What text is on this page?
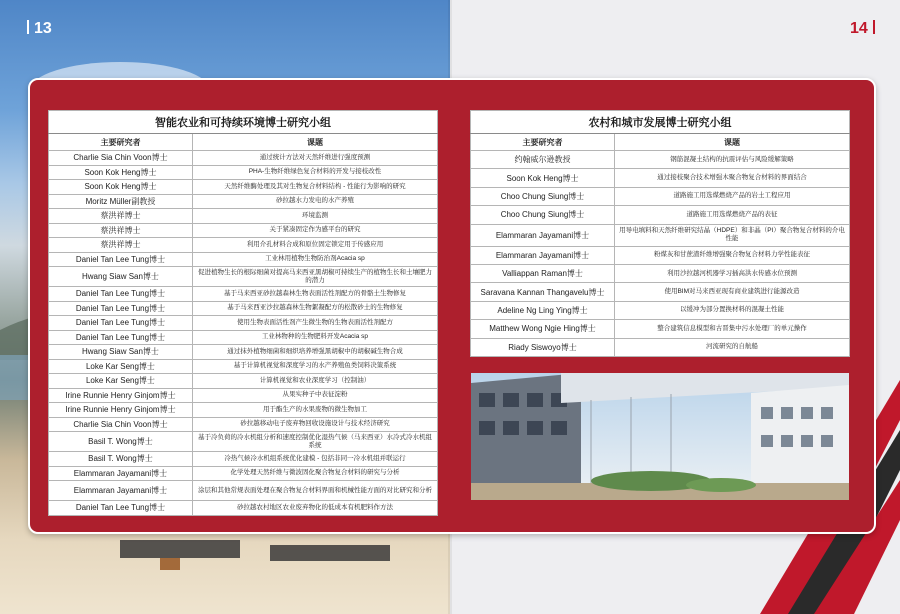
13	14
智能农业和可持续环境博士研究小组	
主要研究者	课题
Charlie Sia Chin Voon博士	通过统计方法对天然纤维进行强度预测
Soon Kok Heng博士	PHA-生物纤维绿色复合材料的开发与接枝改性
Soon Kok Heng博士	天然纤维酶处理及其对生物复合材料结构 - 性能行为影响的研究
Moritz Müller副教授	砂拉越水力发电的水产养殖
蔡洪祥博士	环境监测
蔡洪祥博士	关于紧凑固定作为感平台的研究
蔡洪祥博士	利用介孔材料合成和原位固定锁定用于传感应用
Daniel Tan Lee Tung博士	工业林用植物生物防治剂Acacia sp
Hwang Siaw San博士	促进植物生长的根际细菌对提高马来西亚黑胡椒可持续生产的植物生长和土壤肥力的潜力
Daniel Tan Lee Tung博士	基于马来西亚砂拉越森林生物表面活性剂配方的骨骼土生物修复
Daniel Tan Lee Tung博士	基于马来西亚沙拉越森林生物絮凝配方的松散砂土的生物修复
Daniel Tan Lee Tung博士	使用生物表面活性剂产生微生物的生物表面活性剂配方
Daniel Tan Lee Tung博士	工业林物种的生物肥料开发Acacia sp
Hwang Siaw San博士	通过抹外植物细菌和细织培养增强黑胡椒中的胡椒碱生物合成
Loke Kar Seng博士	基于计算机视觉和深度学习的水产养殖鱼类饲料决策系统
Loke Kar Seng博士	计算机视觉和农业深度学习（控制油）
Irine Runnie Henry Ginjom博士	从果实种子中表征淀粉
Irine Runnie Henry Ginjom博士	用于酯生产的水果废物的微生物加工
Charlie Sia Chin Voon博士	砂拉越移动电子废弃物回收设施设计与技术经济研究
Basil T. Wong博士	基于冷负荷的冷水机组分析和速度控制优化湿热气候（马来西亚）水冷式冷水机组系统
Basil T. Wong博士	冷热气候冷水机组系统优化建模 - 包括非同一冷水机组并联运行
Elammaran Jayamani博士	化学处理天然纤维与微波固化聚合物复合材料的研究与分析
Elammaran Jayamani博士	涂层和其他常规表面处理在聚合物复合材料界面和机械性能方面的对比研究和分析
Daniel Tan Lee Tung博士	砂拉越农村地区农业废弃物化的低成本有机肥料作方法
农村和城市发展博士研究小组	
主要研究者	课题
约翰威尔逊教授	钢筋混凝土结构的抗震评估与风险缓解策略
Soon Kok Heng博士	通过接枝聚合技术增强木聚合物复合材料的界面结合
Choo Chung Siung博士	道路施工用选煤燃烧产品的岩土工程应用
Choo Chung Siung博士	道路施工用选煤燃烧产品的表征
Elammaran Jayamani博士	用导电填料和天然纤维研究结晶（HDPE）和非晶（PI）聚合物复合材料的介电性能
Elammaran Jayamani博士	粉煤灰和甘蔗渣纤维增强聚合物复合材料力学性能表征
Valliappan Raman博士	利用沙拉越河机器学习插高洪水传感水位预测
Saravana Kannan Thangavelu博士	使用BIM对马来西亚现有商业建筑进行能源改造
Adeline Ng Ling Ying博士	以缓冲为部分置换材料的混凝土性能
Matthew Wong Ngie Hing博士	整合建筑信息模型和古晋集中污水处理厂的单元操作
Riady Siswoyo博士	河流研究的自航船
